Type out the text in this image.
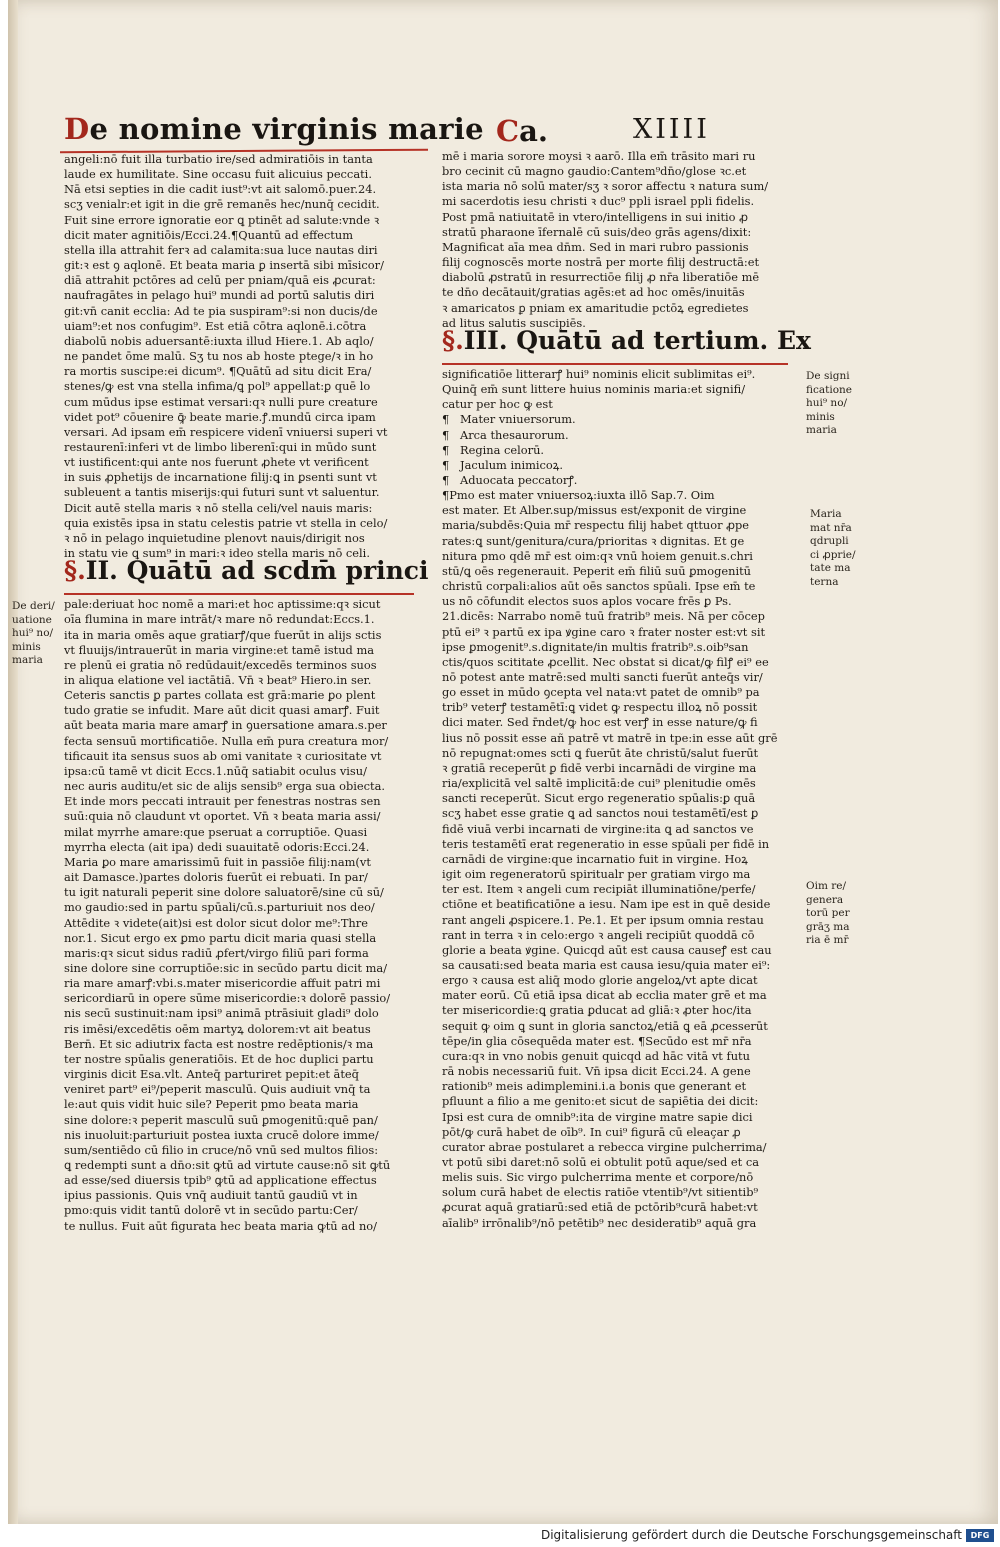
De nomine virginis marie Ca.	XIIII
angeli:nō fuit illa turbatio ire/sed admiratiōis in tanta
laude ex humilitate. Sine occasu fuit alicuius peccati.
Nā etsi septies in die cadit iust⁹:vt ait salomō.puer.24.
scʒ venialr:et igit in die grē remanēs hec/nunq̄ cecidit.
Fuit sine errore ignoratie eor ꝗ ptinēt ad salute:vnde ꝛ
dicit mater agnitiōis/Ecci.24.¶Quantū ad effectum
stella illa attrahit ferꝛ ad calamita:sua luce nautas diri
git:ꝛ est ꝯ aqlonē. Et beata maria ꝑ insertā sibi mīsicor/
diā attrahit pctōres ad celū per pniam/quā eis ꝓcurat:
naufragātes in pelago hui⁹ mundi ad portū salutis diri
git:vn̄ canit ecclia: Ad te pia suspiram⁹:si non ducis/de
uiam⁹:et nos confugim⁹. Est etiā cōtra aqlonē.i.cōtra
diabolū nobis aduersantē:iuxta illud Hiere.1. Ab aqlo/
ne pandet ōme malū. Sʒ tu nos ab hoste ptege/ꝛ in ho
ra mortis suscipe:ei dicum⁹. ¶Quātū ad situ dicit Era/
stenes/ꝙ est vna stella infima/ꝗ pol⁹ appellat:ꝑ quē lo
cum mūdus ipse estimat versari:qꝛ nulli pure creature
videt pot⁹ cōuenire ꝙ̄ beate marie.ꝭ.mundū circa ipam
versari. Ad ipsam em̄ respicere videnī vniuersi superi vt
restaurenī:inferi vt de limbo liberenī:qui in mūdo sunt
vt iustificent:qui ante nos fuerunt ꝓhete vt verificent
in suis ꝓphetijs de incarnatione filij:ꝗ in ꝑsenti sunt vt
subleuent a tantis miserijs:qui futuri sunt vt saluentur.
Dicit autē stella maris ꝛ nō stella celi/vel nauis maris:
quia existēs ipsa in statu celestis patrie vt stella in celo/
ꝛ nō in pelago inquietudine plenovt nauis/dirigit nos
in statu vie ꝗ sum⁹ in mari:ꝛ ideo stella maris nō celi.
§.II. Quātū ad scdm̄ princi
pale:deriuat hoc nomē a mari:et hoc aptissime:qꝛ sicut
oīa flumina in mare intrāt/ꝛ mare nō redundat:Eccs.1.
ita in maria omēs aque gratiarꝭ/que fuerūt in alijs sctis
vt fluuijs/intrauerūt in maria virgine:et tamē istud ma
re plenū ei gratia nō redūdauit/excedēs terminos suos
in aliqua elatione vel iactātiā. Vn̄ ꝛ beat⁹ Hiero.in ser.
Ceteris sanctis ꝑ partes collata est grā:marie ꝑo plent
tudo gratie se infudit. Mare aūt dicit quasi amarꝭ. Fuit
aūt beata maria mare amarꝭ in ꝯuersatione amara.s.per
fecta sensuū mortificatiōe. Nulla em̄ pura creatura mor/
tificauit ita sensus suos ab omi vanitate ꝛ curiositate vt
ipsa:cū tamē vt dicit Eccs.1.nūq̄ satiabit oculus visu/
nec auris auditu/et sic de alijs sensib⁹ erga sua obiecta.
Et inde mors peccati intrauit per fenestras nostras sen
suū:quia nō claudunt vt oportet. Vn̄ ꝛ beata maria assi/
milat myrrhe amare:que pseruat a corruptiōe. Quasi
myrrha electa (ait ipa) dedi suauitatē odoris:Ecci.24.
Maria ꝑo mare amarissimū fuit in passiōe filij:nam(vt
ait Damasce.)partes doloris fuerūt ei rebuati. In par/
tu igit naturali peperit sine dolore saluatorē/sine cū sū/
mo gaudio:sed in partu spūali/cū.s.parturiuit nos deo/
Attēdite ꝛ videte(ait)si est dolor sicut dolor me⁹:Thre
nor.1. Sicut ergo ex ꝑmo partu dicit maria quasi stella
maris:qꝛ sicut sidus radiū ꝓfert/virgo filiū pari forma
sine dolore sine corruptiōe:sic in secūdo partu dicit ma/
ria mare amarꝭ:vbi.s.mater misericordie affuit patri mi
sericordiarū in opere sūme misericordie:ꝛ dolorē passio/
nis secū sustinuit:nam ipsi⁹ animā ptrāsiuit gladi⁹ dolo
ris imēsi/excedētis oēm martyꝝ dolorem:vt ait beatus
Bern̄. Et sic adiutrix facta est nostre redēptionis/ꝛ ma
ter nostre spūalis generatiōis. Et de hoc duplici partu
virginis dicit Esa.vlt. Anteq̄ parturiret pepit:et āteq̄
veniret part⁹ ei⁹/peperit masculū. Quis audiuit vnq̄ ta
le:aut quis vidit huic sile? Peperit pmo beata maria
sine dolore:ꝛ peperit masculū suū ꝑmogenitū:quē pan/
nis inuoluit:parturiuit postea iuxta crucē dolore imme/
sum/sentiēdo cū filio in cruce/nō vnū sed multos filios:
ꝗ redempti sunt a dn̄o:sit ꝙtū ad virtute cause:nō sit ꝙtū
ad esse/sed diuersis tpib⁹ ꝙtū ad applicatione effectus
ipius passionis. Quis vnq̄ audiuit tantū gaudiū vt in
pmo:quis vidit tantū dolorē vt in secūdo partu:Cer/
te nullus. Fuit aūt figurata hec beata maria ꝙtū ad no/
mē i maria sorore moysi ꝛ aarō. Illa em̄ trāsito mari ru
bro cecinit cū magno gaudio:Cantem⁹dn̄o/glose ꝛc.et
ista maria nō solū mater/sʒ ꝛ soror affectu ꝛ natura sum/
mi sacerdotis iesu christi ꝛ duc⁹ ppli israel ppli fidelis.
Post pmā natiuitatē in vtero/intelligens in sui initio ꝓ
stratū pharaone īfernalē cū suis/deo grās agens/dixit:
Magnificat aīa mea dn̄m. Sed in mari rubro passionis
filij cognoscēs morte nostrā per morte filij destructā:et
diabolū ꝓstratū in resurrectiōe filij ꝓ nr̄a liberatiōe mē
te dn̄o decātauit/gratias agēs:et ad hoc omēs/inuitās
ꝛ amaricatos ꝑ pniam ex amaritudie pctōꝝ egredietes
ad litus salutis suscipiēs.
§.III. Quātū ad tertium. Ex
significatiōe litterarꝭ hui⁹ nominis elicit sublimitas ei⁹.
Quinq̄ em̄ sunt littere huius nominis maria:et signifi/
catur per hoc ꝙ est
¶ Mater vniuersorum.
¶ Arca thesaurorum.
¶ Regina celorū.
¶ Jaculum inimicoꝝ.
¶ Aduocata peccatorꝭ.
¶Pmo est mater vniuersoꝝ:iuxta illō Sap.7. Oim
est mater. Et Alber.sup/missus est/exponit de virgine
maria/subdēs:Quia mr̄ respectu filij habet qttuor ꝓpe
rates:ꝗ sunt/genitura/cura/prioritas ꝛ dignitas. Et ge
nitura pmo qdē mr̄ est oim:qꝛ vnū hoiem genuit.s.chri
stū/ꝗ oēs regenerauit. Peperit em̄ filiū suū ꝑmogenitū
christū corpali:alios aūt oēs sanctos spūali. Ipse em̄ te
us nō cōfundit electos suos aplos vocare frēs ꝑ Ps.
21.dicēs: Narrabo nomē tuū fratrib⁹ meis. Nā per cōcep
ptū ei⁹ ꝛ partū ex ipa ꝟgine caro ꝛ frater noster est:vt sit
ipse ꝑmogenit⁹.s.dignitate/in multis fratrib⁹.s.oib⁹san
ctis/quos scititate ꝓcellit. Nec obstat si dicat/ꝙ filꝭ ei⁹ ee
nō potest ante matrē:sed multi sancti fuerūt anteq̄s vir/
go esset in mūdo ꝯcepta vel nata:vt patet de omnib⁹ pa
trib⁹ veterꝭ testamētī:ꝗ videt ꝙ respectu illoꝝ nō possit
dici mater. Sed r̄ndet/ꝙ hoc est verꝭ in esse nature/ꝙ fi
lius nō possit esse añ patrē vt matrē in tpe:in esse aūt grē
nō repugnat:omes scti ꝗ fuerūt āte christū/salut fuerūt
ꝛ gratiā receperūt ꝑ fidē verbi incarnādi de virgine ma
ria/explicitā vel saltē implicitā:de cui⁹ plenitudie omēs
sancti receperūt. Sicut ergo regeneratio spūalis:ꝑ quā
scʒ habet esse gratie ꝗ ad sanctos noui testamētī/est ꝑ
fidē viuā verbi incarnati de virgine:ita ꝗ ad sanctos ve
teris testamētī erat regeneratio in esse spūali per fidē in
carnādi de virgine:que incarnatio fuit in virgine. Hoꝝ
igit oim regeneratorū spiritualr per gratiam virgo ma
ter est. Item ꝛ angeli cum recipiāt illuminatiōne/perfe/
ctiōne et beatificatiōne a iesu. Nam ipe est in quē deside
rant angeli ꝓspicere.1. Pe.1. Et per ipsum omnia restau
rant in terra ꝛ in celo:ergo ꝛ angeli recipiūt quoddā cō
glorie a beata ꝟgine. Quicqd aūt est causa causeꝭ est cau
sa causati:sed beata maria est causa iesu/quia mater ei⁹:
ergo ꝛ causa est aliq̄ modo glorie angeloꝝ/vt apte dicat
mater eorū. Cū etiā ipsa dicat ab ecclia mater grē et ma
ter misericordie:ꝗ gratia ꝑducat ad gliā:ꝛ ꝓter hoc/ita
sequit ꝙ oim ꝗ sunt in gloria sanctoꝝ/etiā ꝗ eā ꝓcesserūt
tēpe/in glia cōsequēda mater est. ¶Secūdo est mr̄ nr̄a
cura:qꝛ in vno nobis genuit quicqd ad hāc vitā vt futu
rā nobis necessariū fuit. Vn̄ ipsa dicit Ecci.24. A gene
rationib⁹ meis adimplemini.i.a bonis que generant et
pfluunt a filio a me genito:et sicut de sapiētia dei dicit:
Ipsi est cura de omnib⁹:ita de virgine matre sapie dici
pōt/ꝙ curā habet de oīb⁹. In cui⁹ figurā cū eleaçar ꝓ
curator abrae postularet a rebecca virgine pulcherrima/
vt potū sibi daret:nō solū ei obtulit potū aque/sed et ca
melis suis. Sic virgo pulcherrima mente et corpore/nō
solum curā habet de electis ratiōe vtentib⁹/vt sitientib⁹
ꝓcurat aquā gratiarū:sed etiā de pctōrib⁹curā habet:vt
aīalib⁹ irrōnalib⁹/nō petētib⁹ nec desideratib⁹ aquā gra
De deri/
uatione
hui⁹ no/
minis
maria
De signi
ficatione
hui⁹ no/
minis
maria
Maria
mat nr̄a
qdrupli
ci ꝓprie/
tate ma
terna
Oim re/
genera
torū per
grāʒ ma
ria ē mr̄
Digitalisierung gefördert durch die Deutsche Forschungsgemeinschaft	DFG
